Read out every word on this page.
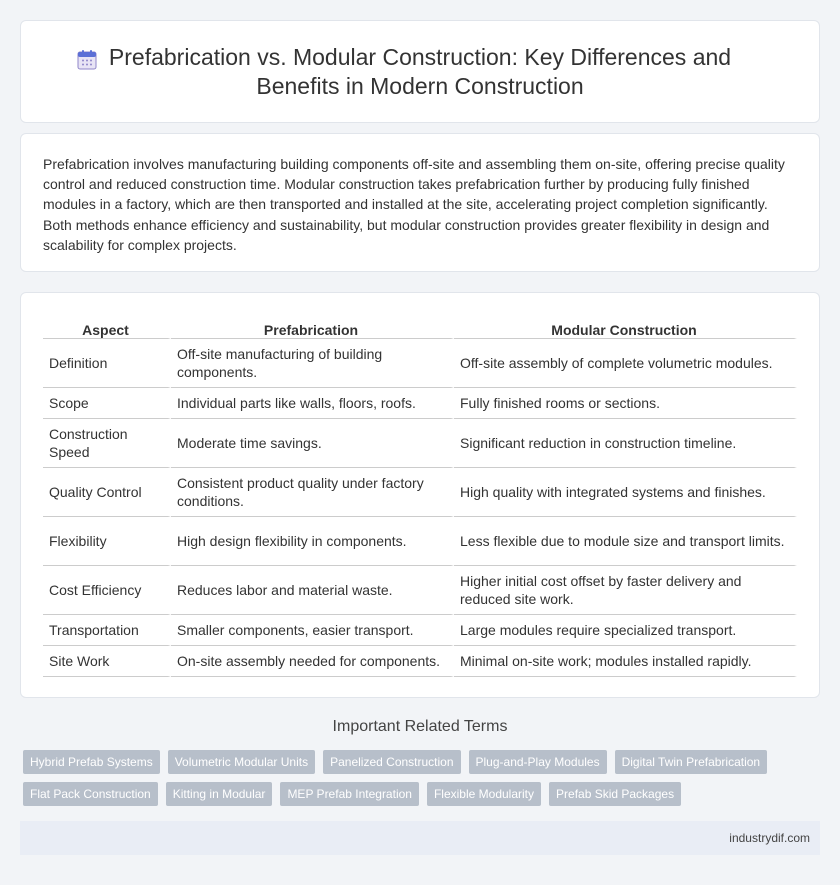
Prefabrication vs. Modular Construction: Key Differences and Benefits in Modern Construction

Prefabrication involves manufacturing building components off-site and assembling them on-site, offering precise quality control and reduced construction time. Modular construction takes prefabrication further by producing fully finished modules in a factory, which are then transported and installed at the site, accelerating project completion significantly. Both methods enhance efficiency and sustainability, but modular construction provides greater flexibility in design and scalability for complex projects.

Aspect	Prefabrication	Modular Construction
Definition	Off-site manufacturing of building components.	Off-site assembly of complete volumetric modules.
Scope	Individual parts like walls, floors, roofs.	Fully finished rooms or sections.
Construction Speed	Moderate time savings.	Significant reduction in construction timeline.
Quality Control	Consistent product quality under factory conditions.	High quality with integrated systems and finishes.
Flexibility	High design flexibility in components.	Less flexible due to module size and transport limits.
Cost Efficiency	Reduces labor and material waste.	Higher initial cost offset by faster delivery and reduced site work.
Transportation	Smaller components, easier transport.	Large modules require specialized transport.
Site Work	On-site assembly needed for components.	Minimal on-site work; modules installed rapidly.
Important Related Terms
Hybrid Prefab Systems	Volumetric Modular Units	Panelized Construction	Plug-and-Play Modules	Digital Twin Prefabrication
Flat Pack Construction	Kitting in Modular	MEP Prefab Integration	Flexible Modularity	Prefab Skid Packages
industrydif.com
